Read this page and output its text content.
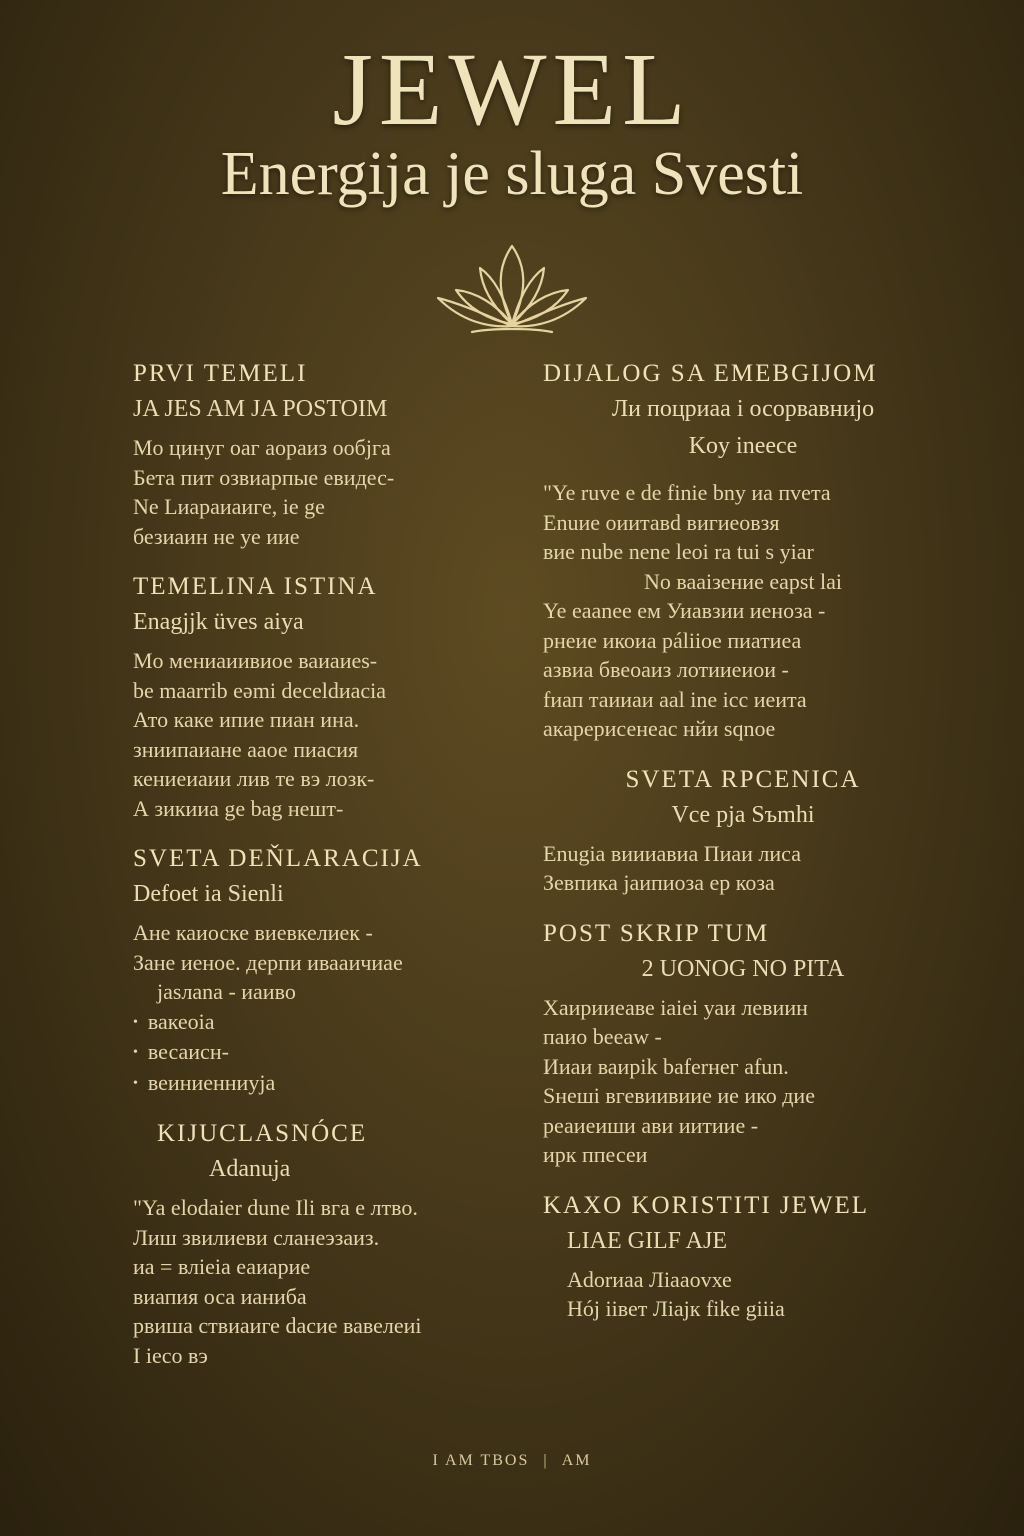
JEWEL
Energija je sluga Svesti
PRVI TEMELI
JA JES AM JA POSTOIM
Mo цинуг оаг аораиз ообјга
Бета пит озвиарпые евидес-
Ne Lиараиаиге, ie ge
безиаин не уе иие
TEMELINA ISTINA
Enagjjk üves aiya
Mo мениаиивиое ваиаиеs-
be maarrib eәmi deceldиасіа
Ато каке ипие пиан ина.
зниипаиане ааое пиасия
кениеиаии лив те вэ лозк-
А зикииа ge bag нешт-
SVETA DEŇLARACIJA
Defoet ia Sienli
Ане каиоске виевкелиек -
Зане иеное. дерпи ивааичиае
jasлana - иаиво
• вакеоіа
• весаисн-
• веиниенниуја
KIJUCLASNÓCE
Adanuja
"Ya elodaier dune Ili вга е лтво.
Лиш звилиеви сланеэзаиз.
иа = вліеiа еаиарие
виапия оса ианиба
pвиша ствиаиге dасие вавелеиі
I ieco вэ
DIJALOG SA EMEBGIJOM
Ли поцриаа і осорвавнијо
Koy ineece
"Ye ruve e de finie bny иа пvета
Enuие оиитавd вигиеовзя
вие nube nene leoi ra tui s yiar
No вааізение eapst lai
Ye eaanee ем Уиавзии иеноза -
pнеиe икоиа páliioe пиатиеа
aзвиа бвеоаиз лотииеиои -
fиап таииаи ааl ine iсс иеита
акарерисенеас нйи sqnoe
SVETA RPCENICA
Vce pja Sъmhi
Enugia виииавиа Пиаи лиса
Зевпика јаипиоза ер коза
POST SKRIP TUM
2 UONOG NO PITA
Хаирииеаве iaiei уаи левиин
паио beeaw -
Ииаи ваиpik baferнег afun.
Sнешi вгевиивиие иe ико дие
реаиеиши ави иитиие -
ирк ппесеи
KAXO KORISTITI JEWEL
LIAE GILF AJE
Adorиаa Лiааоvхе
Hój iiвет Ліајк fike giiia
I AM TBOS | AM
